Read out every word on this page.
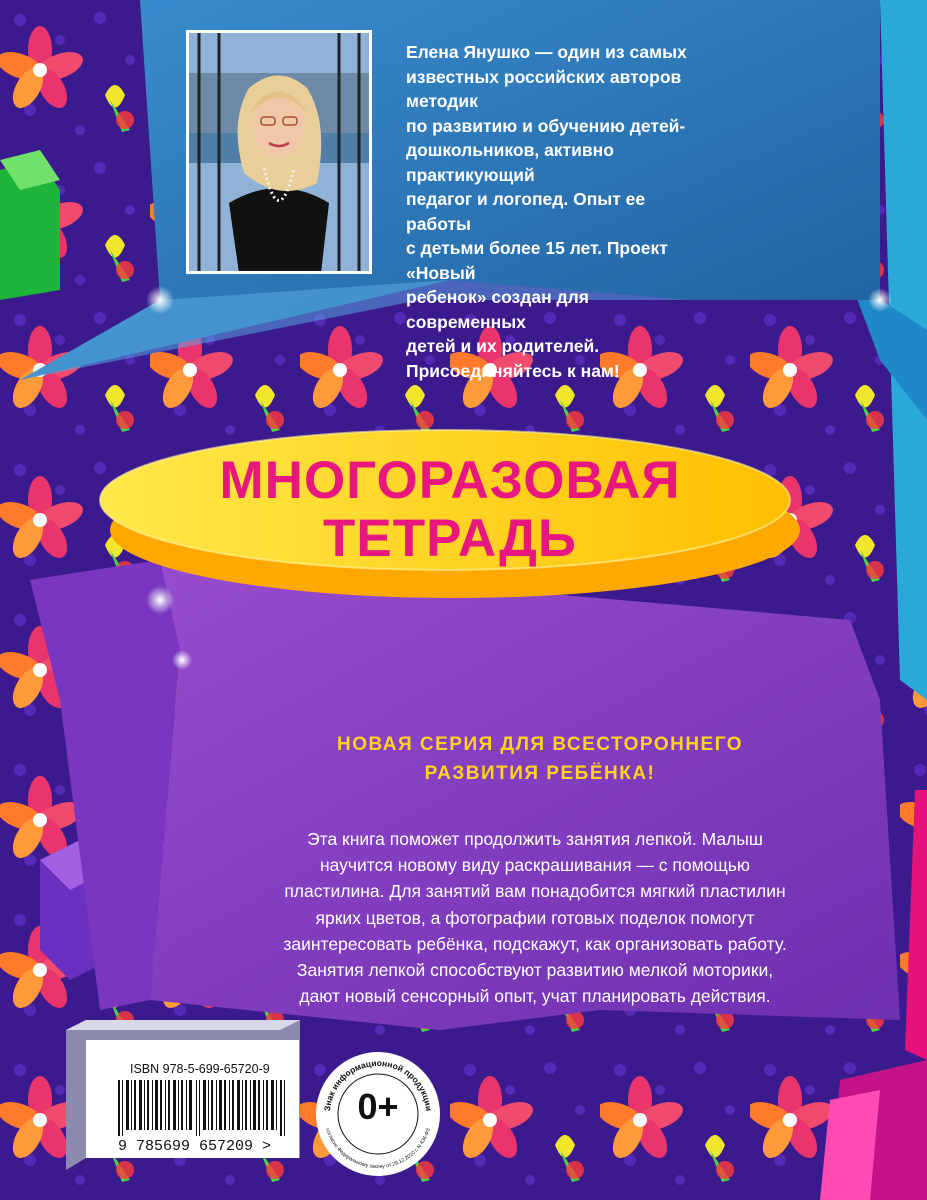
Елена Янушко — один из самых
известных российских авторов методик
по развитию и обучению детей-
дошкольников, активно практикующий
педагог и логопед. Опыт ее работы
с детьми более 15 лет. Проект «Новый
ребенок» создан для современных
детей и их родителей.
Присоединяйтесь к нам!
МНОГОРАЗОВАЯ
ТЕТРАДЬ
НОВАЯ СЕРИЯ ДЛЯ ВСЕСТОРОННЕГО
РАЗВИТИЯ РЕБЁНКА!
Эта книга поможет продолжить занятия лепкой. Малыш
научится новому виду раскрашивания — с помощью
пластилина. Для занятий вам понадобится мягкий пластилин
ярких цветов, а фотографии готовых поделок помогут
заинтересовать ребёнка, подскажут, как организовать работу.
Занятия лепкой способствуют развитию мелкой моторики,
дают новый сенсорный опыт, учат планировать действия.
ISBN 978-5-699-65720-9
9 785699 657209 >
Знак информационной продукции
согласно Федеральному закону от 29.12.2010 г. N 436-ФЗ
0+
